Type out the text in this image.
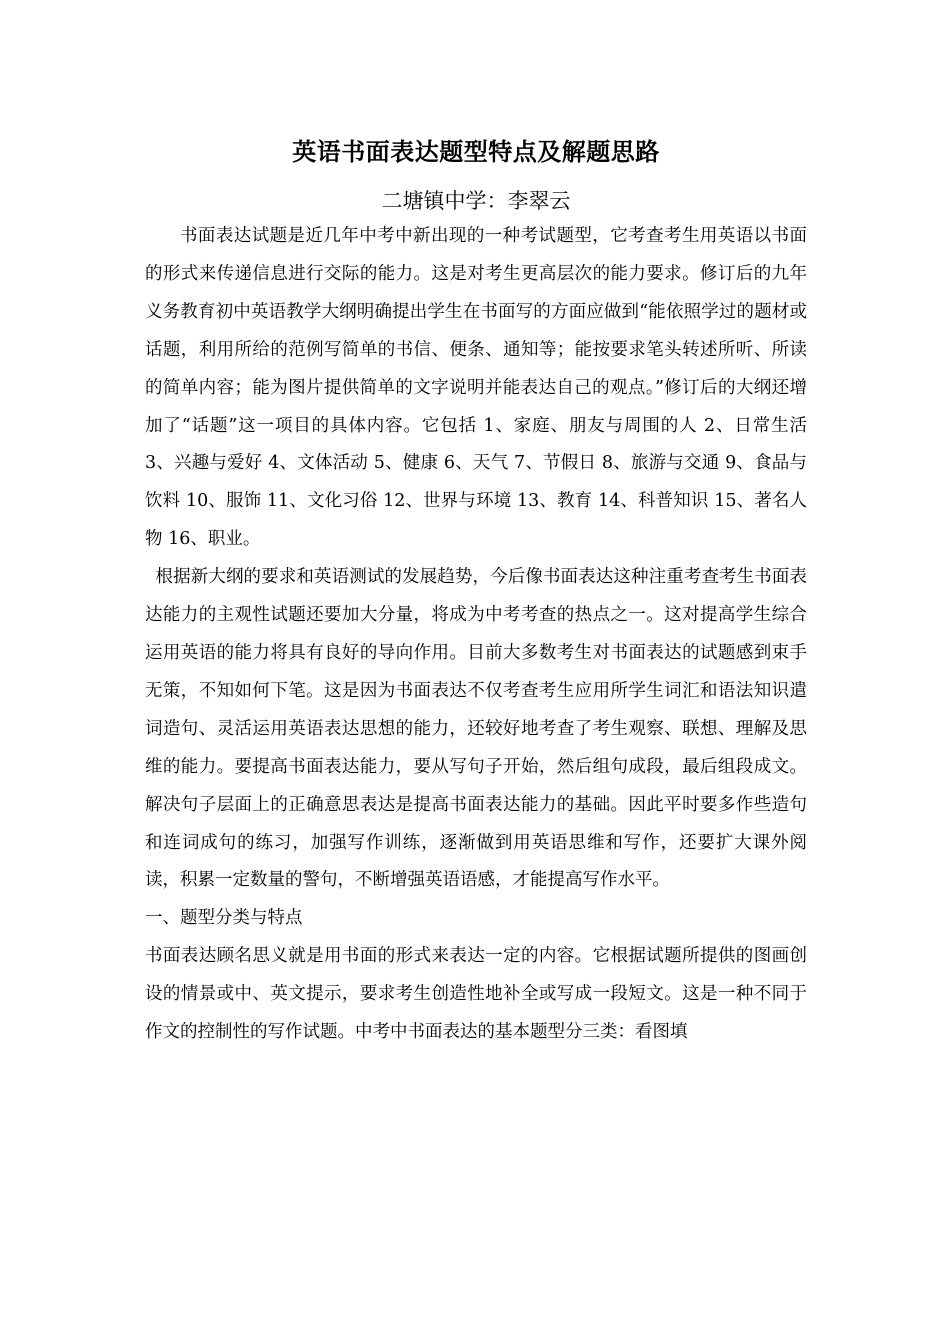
英语书面表达题型特点及解题思路
二塘镇中学：李翠云

书面表达试题是近几年中考中新出现的一种考试题型，它考查考生用英语以书面的形式来传递信息进行交际的能力。这是对考生更高层次的能力要求。修订后的九年义务教育初中英语教学大纲明确提出学生在书面写的方面应做到“能依照学过的题材或话题，利用所给的范例写简单的书信、便条、通知等；能按要求笔头转述所听、所读的简单内容；能为图片提供简单的文字说明并能表达自己的观点。”修订后的大纲还增加了“话题”这一项目的具体内容。它包括 1、家庭、朋友与周围的人 2、日常生活 3、兴趣与爱好 4、文体活动 5、健康 6、天气 7、节假日 8、旅游与交通 9、食品与饮料 10、服饰 11、文化习俗 12、世界与环境 13、教育 14、科普知识 15、著名人物 16、职业。

根据新大纲的要求和英语测试的发展趋势，今后像书面表达这种注重考查考生书面表达能力的主观性试题还要加大分量，将成为中考考查的热点之一。这对提高学生综合运用英语的能力将具有良好的导向作用。目前大多数考生对书面表达的试题感到束手无策，不知如何下笔。这是因为书面表达不仅考查考生应用所学生词汇和语法知识遣词造句、灵活运用英语表达思想的能力，还较好地考查了考生观察、联想、理解及思维的能力。要提高书面表达能力，要从写句子开始，然后组句成段，最后组段成文。解决句子层面上的正确意思表达是提高书面表达能力的基础。因此平时要多作些造句和连词成句的练习，加强写作训练，逐渐做到用英语思维和写作，还要扩大课外阅读，积累一定数量的警句，不断增强英语语感，才能提高写作水平。

一、题型分类与特点

书面表达顾名思义就是用书面的形式来表达一定的内容。它根据试题所提供的图画创设的情景或中、英文提示，要求考生创造性地补全或写成一段短文。这是一种不同于作文的控制性的写作试题。中考中书面表达的基本题型分三类：看图填
